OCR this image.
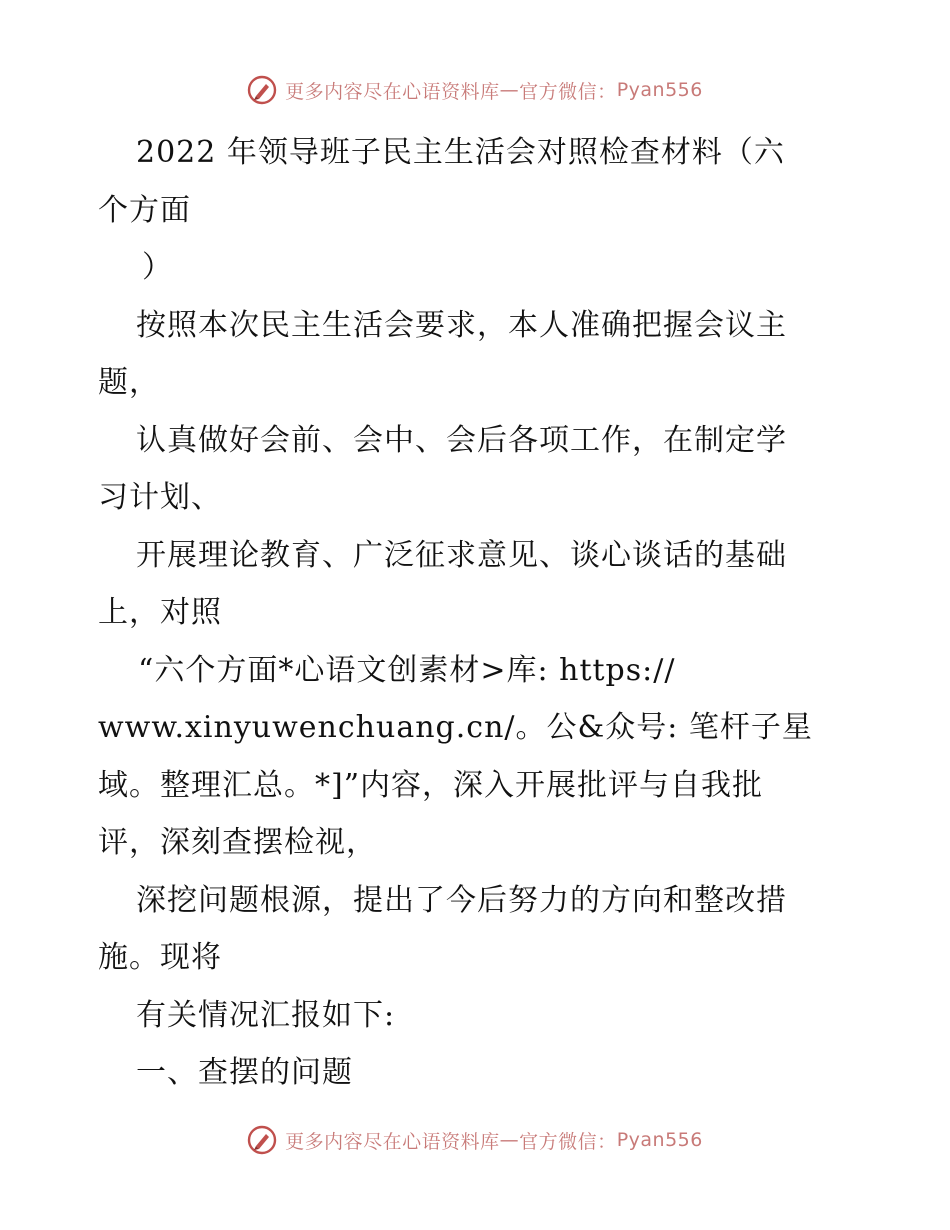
更多内容尽在心语资料库 — 官方微信： Pyan556
2022 年领导班子民主生活会对照检查材料（六
个方面
）
按照本次民主生活会要求，本人准确把握会议主
题，
认真做好会前、会中、会后各项工作，在制定学
习计划、
开展理论教育、广泛征求意见、谈心谈话的基础
上，对照
“六个方面*心语文创素材>库: https://
www.xinyuwenchuang.cn/。公&众号: 笔杆子星
域。整理汇总。*]”内容，深入开展批评与自我批
评，深刻查摆检视，
深挖问题根源，提出了今后努力的方向和整改措
施。现将
有关情况汇报如下:
一、查摆的问题
更多内容尽在心语资料库 — 官方微信： Pyan556
